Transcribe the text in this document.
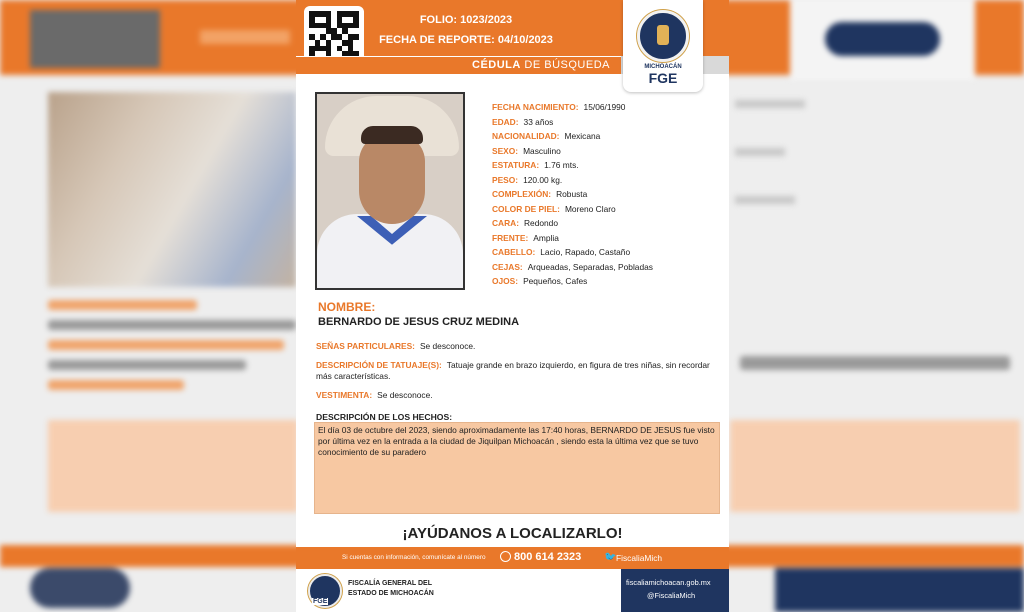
FOLIO: 1023/2023
FECHA DE REPORTE: 04/10/2023
CÉDULA DE BÚSQUEDA	MICHOACÁN
FGE
FECHA NACIMIENTO: 15/06/1990
EDAD: 33 años
NACIONALIDAD: Mexicana
SEXO: Masculino
ESTATURA: 1.76 mts.
PESO: 120.00 kg.
COMPLEXIÓN: Robusta
COLOR DE PIEL: Moreno Claro
CARA: Redondo
FRENTE: Amplia
CABELLO: Lacio, Rapado, Castaño
CEJAS: Arqueadas, Separadas, Pobladas
OJOS: Pequeños, Cafes
NOMBRE:
BERNARDO DE JESUS CRUZ MEDINA
SEÑAS PARTICULARES: Se desconoce.
DESCRIPCIÓN DE TATUAJE(S): Tatuaje grande en brazo izquierdo, en figura de tres niñas, sin recordar más características.
VESTIMENTA: Se desconoce.
DESCRIPCIÓN DE LOS HECHOS:
El día 03 de octubre del 2023, siendo aproximadamente las 17:40 horas, BERNARDO DE JESUS fue visto por última vez en la entrada a la ciudad de Jiquilpan Michoacán , siendo esta la última vez que se tuvo conocimiento de su paradero
¡AYÚDANOS A LOCALIZARLO!
Si cuentas con información, comunícate al número	800 614 2323 🐦 FiscaliaMich
FGE
FISCALÍA GENERAL DEL
ESTADO DE MICHOACÁN
fiscaliamichoacan.gob.mx
@FiscaliaMich
